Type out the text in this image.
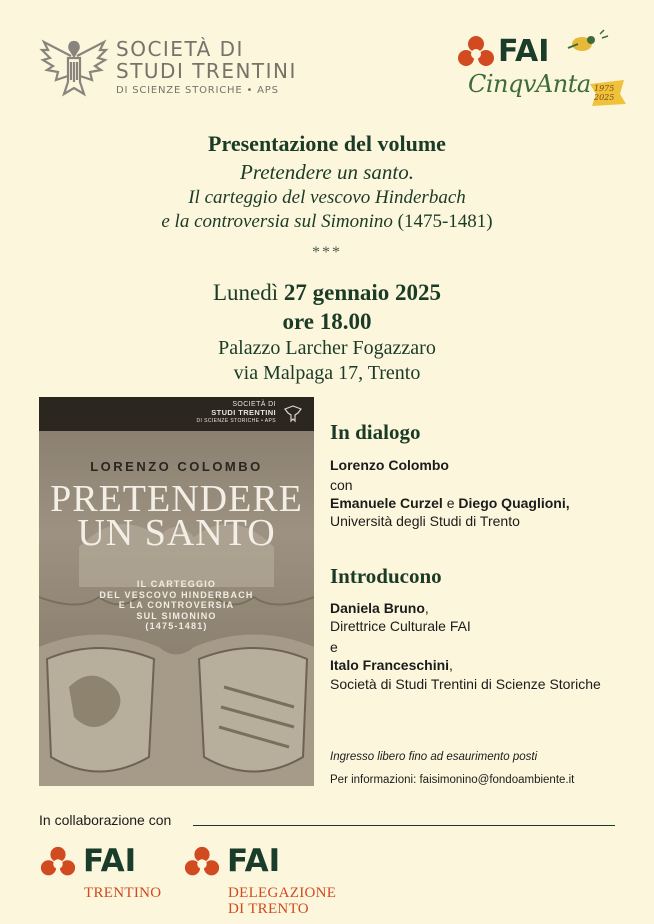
SOCIETÀ DI
STUDI TRENTINI
DI SCIENZE STORICHE • APS	1975 2025
FAI
CinqvAnta
Presentazione del volume
Pretendere un santo.
Il carteggio del vescovo Hinderbach
e la controversia sul Simonino (1475-1481)
***
Lunedì 27 gennaio 2025
ore 18.00
Palazzo Larcher Fogazzaro
via Malpaga 17, Trento
SOCIETÀ DI
STUDI TRENTINI
DI SCIENZE STORICHE • APS
LORENZO COLOMBO
PRETENDERE
UN SANTO
IL CARTEGGIO
DEL VESCOVO HINDERBACH
E LA CONTROVERSIA
SUL SIMONINO
(1475-1481)
In dialogo
Lorenzo Colombo
con
Emanuele Curzel e Diego Quaglioni,
Università degli Studi di Trento
Introducono
Daniela Bruno,
Direttrice Culturale FAI
e
Italo Franceschini,
Società di Studi Trentini di Scienze Storiche
Ingresso libero fino ad esaurimento posti
Per informazioni: faisimonino@fondoambiente.it
In collaborazione con
FAI
TRENTINO
FAI
DELEGAZIONE
DI TRENTO
